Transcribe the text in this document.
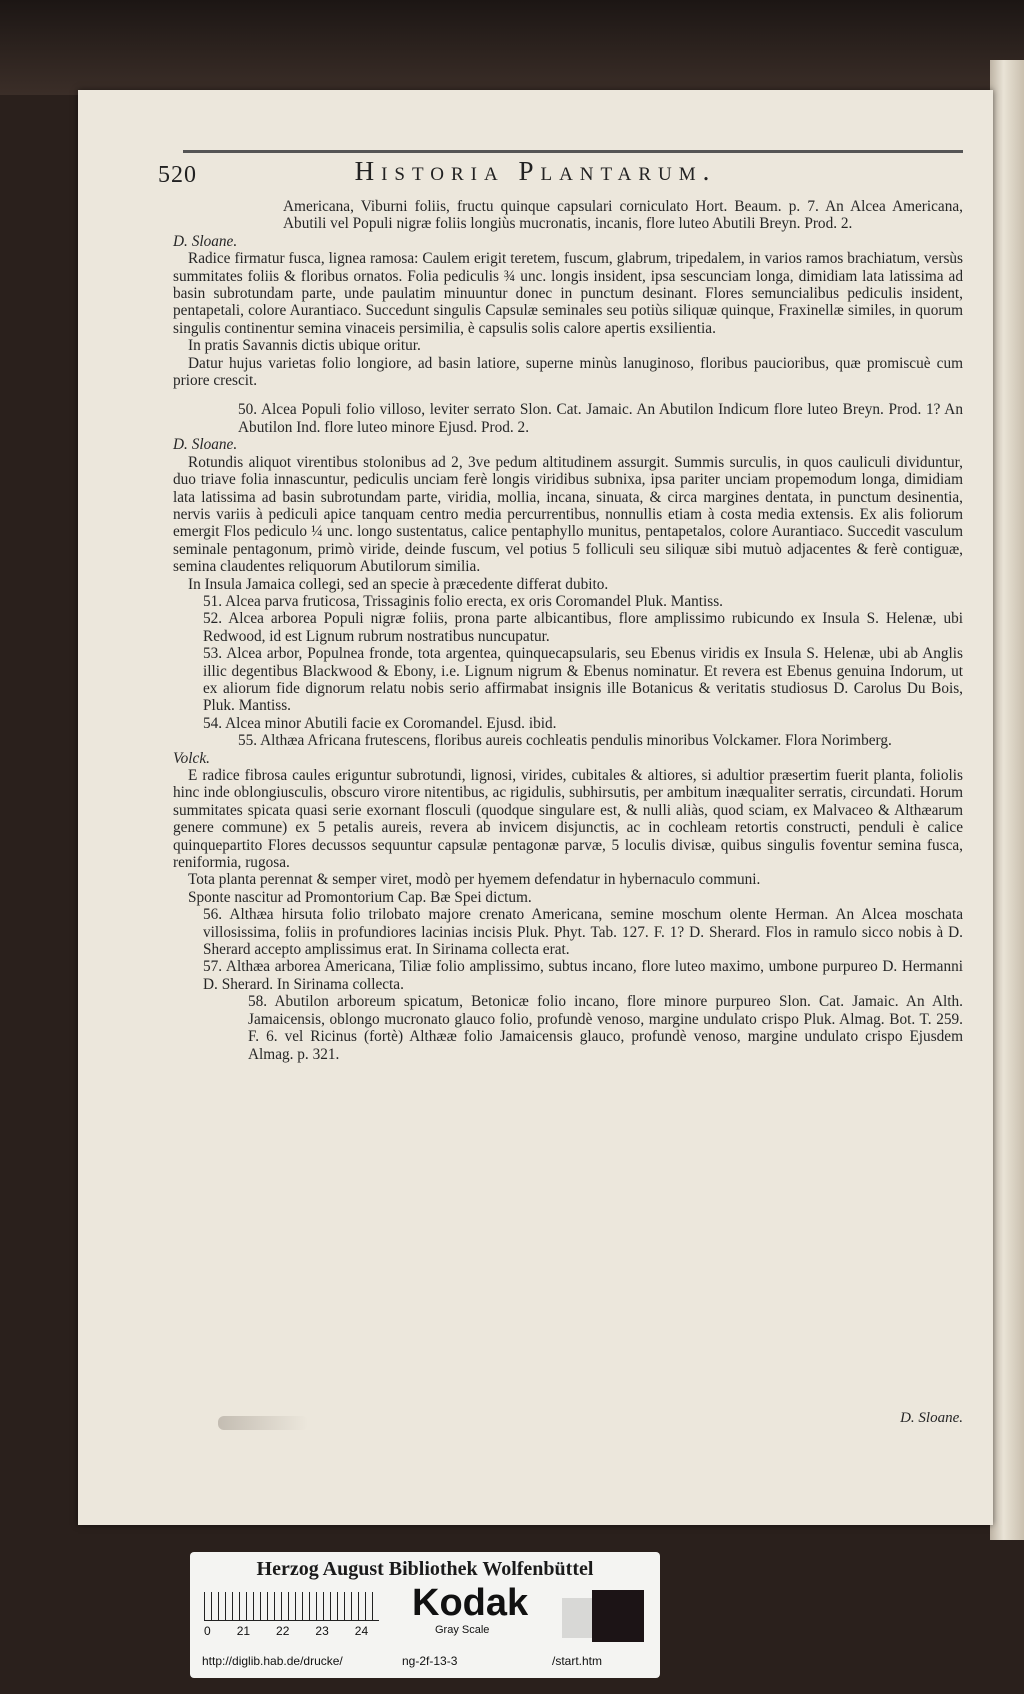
520	Historia Plantarum.

Americana, Viburni foliis, fructu quinque capsulari corniculato Hort. Beaum. p. 7. An Alcea Americana, Abutili vel Populi nigræ foliis longiùs mucronatis, incanis, flore luteo Abutili Breyn. Prod. 2.

D. Sloane.

Radice firmatur fusca, lignea ramosa: Caulem erigit teretem, fuscum, glabrum, tripedalem, in varios ramos brachiatum, versùs summitates foliis & floribus ornatos. Folia pediculis ¾ unc. longis insident, ipsa sescunciam longa, dimidiam lata latissima ad basin subrotundam parte, unde paulatim minuuntur donec in punctum desinant. Flores semuncialibus pediculis insident, pentapetali, colore Aurantiaco. Succedunt singulis Capsulæ seminales seu potiùs siliquæ quinque, Fraxinellæ similes, in quorum singulis continentur semina vinaceis persimilia, è capsulis solis calore apertis exsilientia.

In pratis Savannis dictis ubique oritur.

Datur hujus varietas folio longiore, ad basin latiore, superne minùs lanuginoso, floribus paucioribus, quæ promiscuè cum priore crescit.

50. Alcea Populi folio villoso, leviter serrato Slon. Cat. Jamaic. An Abutilon Indicum flore luteo Breyn. Prod. 1? An Abutilon Ind. flore luteo minore Ejusd. Prod. 2.

D. Sloane.

Rotundis aliquot virentibus stolonibus ad 2, 3ve pedum altitudinem assurgit. Summis surculis, in quos cauliculi dividuntur, duo triave folia innascuntur, pediculis unciam ferè longis viridibus subnixa, ipsa pariter unciam propemodum longa, dimidiam lata latissima ad basin subrotundam parte, viridia, mollia, incana, sinuata, & circa margines dentata, in punctum desinentia, nervis variis à pediculi apice tanquam centro media percurrentibus, nonnullis etiam à costa media extensis. Ex alis foliorum emergit Flos pediculo ¼ unc. longo sustentatus, calice pentaphyllo munitus, pentapetalos, colore Aurantiaco. Succedit vasculum seminale pentagonum, primò viride, deinde fuscum, vel potius 5 folliculi seu siliquæ sibi mutuò adjacentes & ferè contiguæ, semina claudentes reliquorum Abutilorum similia.

In Insula Jamaica collegi, sed an specie à præcedente differat dubito.

51. Alcea parva fruticosa, Trissaginis folio erecta, ex oris Coromandel Pluk. Mantiss.

52. Alcea arborea Populi nigræ foliis, prona parte albicantibus, flore amplissimo rubicundo ex Insula S. Helenæ, ubi Redwood, id est Lignum rubrum nostratibus nuncupatur.

53. Alcea arbor, Populnea fronde, tota argentea, quinquecapsularis, seu Ebenus viridis ex Insula S. Helenæ, ubi ab Anglis illic degentibus Blackwood & Ebony, i.e. Lignum nigrum & Ebenus nominatur. Et revera est Ebenus genuina Indorum, ut ex aliorum fide dignorum relatu nobis serio affirmabat insignis ille Botanicus & veritatis studiosus D. Carolus Du Bois, Pluk. Mantiss.

54. Alcea minor Abutili facie ex Coromandel. Ejusd. ibid.

55. Althæa Africana frutescens, floribus aureis cochleatis pendulis minoribus Volckamer. Flora Norimberg.

Volck.

E radice fibrosa caules eriguntur subrotundi, lignosi, virides, cubitales & altiores, si adultior præsertim fuerit planta, foliolis hinc inde oblongiusculis, obscuro virore nitentibus, ac rigidulis, subhirsutis, per ambitum inæqualiter serratis, circundati. Horum summitates spicata quasi serie exornant flosculi (quodque singulare est, & nulli aliàs, quod sciam, ex Malvaceo & Althæarum genere commune) ex 5 petalis aureis, revera ab invicem disjunctis, ac in cochleam retortis constructi, penduli è calice quinquepartito Flores decussos sequuntur capsulæ pentagonæ parvæ, 5 loculis divisæ, quibus singulis foventur semina fusca, reniformia, rugosa.

Tota planta perennat & semper viret, modò per hyemem defendatur in hybernaculo communi.

Sponte nascitur ad Promontorium Cap. Bæ Spei dictum.

56. Althæa hirsuta folio trilobato majore crenato Americana, semine moschum olente Herman. An Alcea moschata villosissima, foliis in profundiores lacinias incisis Pluk. Phyt. Tab. 127. F. 1? D. Sherard. Flos in ramulo sicco nobis à D. Sherard accepto amplissimus erat. In Sirinama collecta erat.

57. Althæa arborea Americana, Tiliæ folio amplissimo, subtus incano, flore luteo maximo, umbone purpureo D. Hermanni D. Sherard. In Sirinama collecta.

58. Abutilon arboreum spicatum, Betonicæ folio incano, flore minore purpureo Slon. Cat. Jamaic. An Alth. Jamaicensis, oblongo mucronato glauco folio, profundè venoso, margine undulato crispo Pluk. Almag. Bot. T. 259. F. 6. vel Ricinus (fortè) Althææ folio Jamaicensis glauco, profundè venoso, margine undulato crispo Ejusdem Almag. p. 321.

D. Sloane.
Herzog August Bibliothek Wolfenbüttel
0 21 22 23 24
Kodak
Gray Scale
http://diglib.hab.de/drucke/	ng-2f-13-3	/start.htm
